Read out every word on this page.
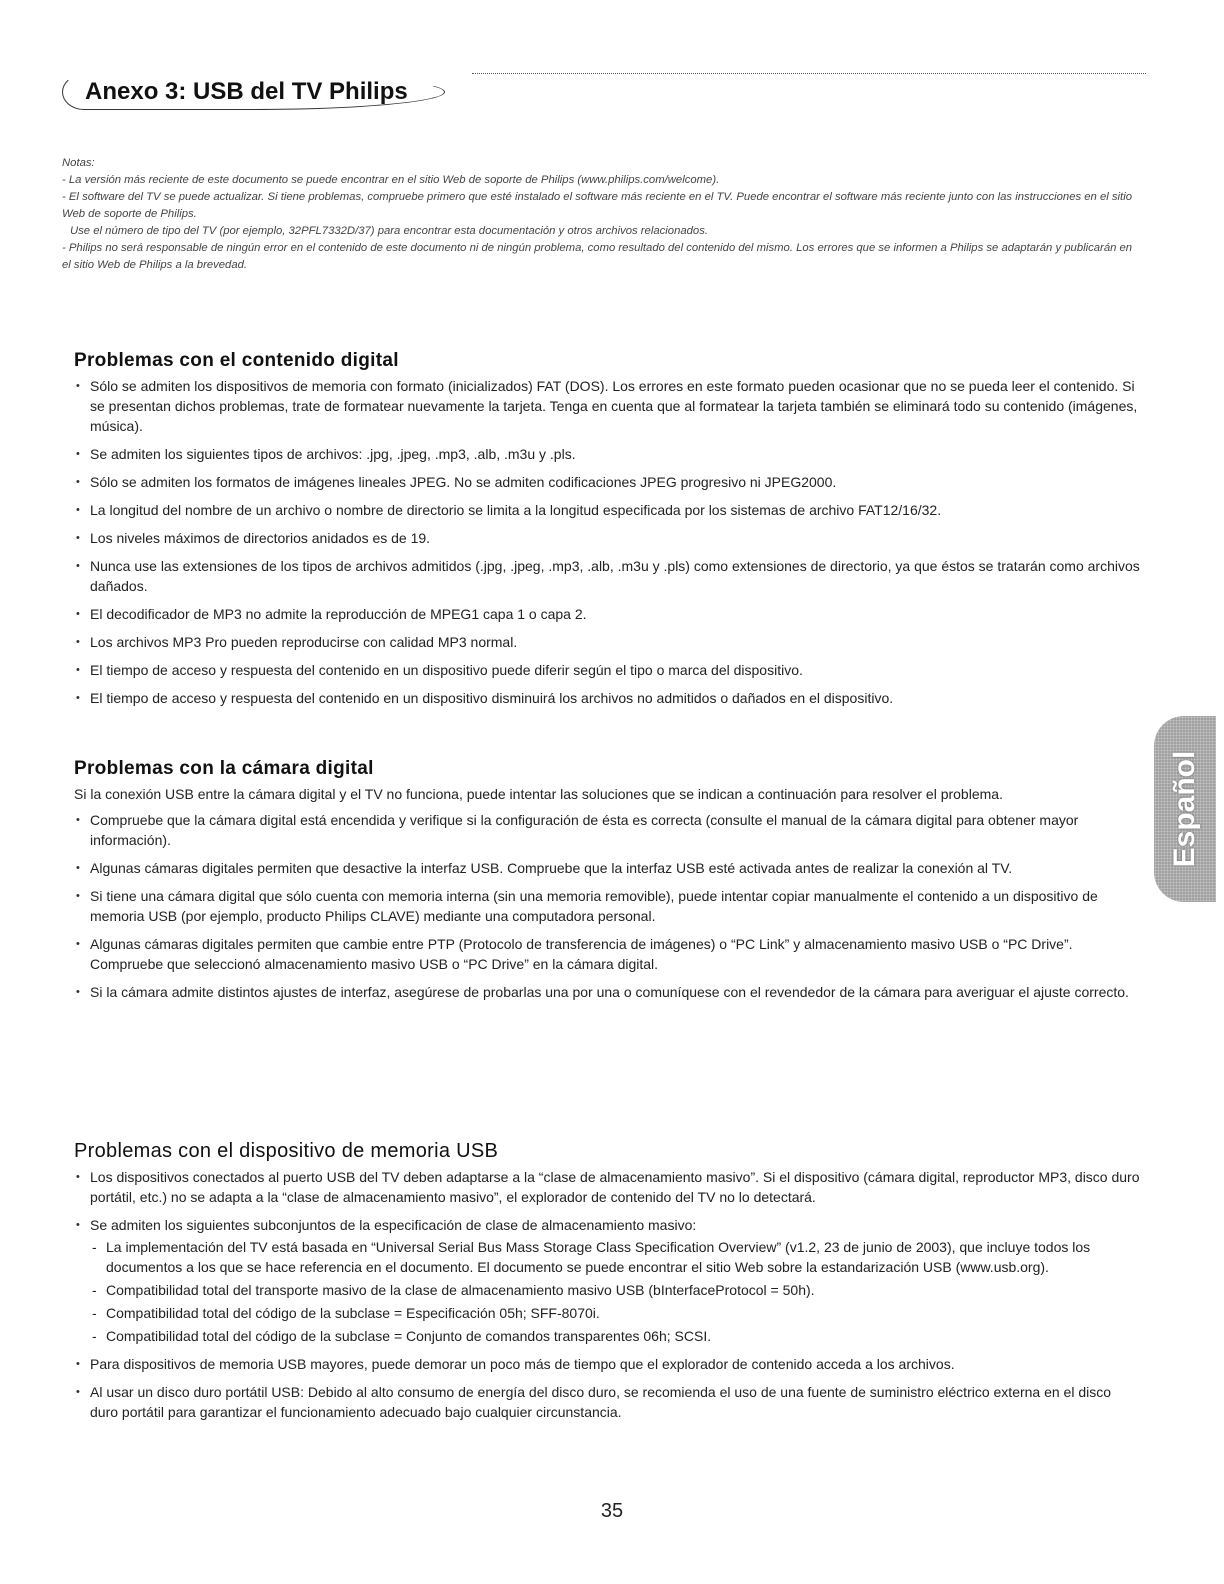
Anexo 3: USB del TV Philips

Notas:

- La versión más reciente de este documento se puede encontrar en el sitio Web de soporte de Philips (www.philips.com/welcome).

- El software del TV se puede actualizar. Si tiene problemas, compruebe primero que esté instalado el software más reciente en el TV. Puede encontrar el software más reciente junto con las instrucciones en el sitio Web de soporte de Philips.

Use el número de tipo del TV (por ejemplo, 32PFL7332D/37) para encontrar esta documentación y otros archivos relacionados.

- Philips no será responsable de ningún error en el contenido de este documento ni de ningún problema, como resultado del contenido del mismo. Los errores que se informen a Philips se adaptarán y publicarán en el sitio Web de Philips a la brevedad.

Problemas con el contenido digital
• Sólo se admiten los dispositivos de memoria con formato (inicializados) FAT (DOS). Los errores en este formato pueden ocasionar que no se pueda leer el contenido. Si se presentan dichos problemas, trate de formatear nuevamente la tarjeta. Tenga en cuenta que al formatear la tarjeta también se eliminará todo su contenido (imágenes, música).
• Se admiten los siguientes tipos de archivos: .jpg, .jpeg, .mp3, .alb, .m3u y .pls.
• Sólo se admiten los formatos de imágenes lineales JPEG. No se admiten codificaciones JPEG progresivo ni JPEG2000.
• La longitud del nombre de un archivo o nombre de directorio se limita a la longitud especificada por los sistemas de archivo FAT12/16/32.
• Los niveles máximos de directorios anidados es de 19.
• Nunca use las extensiones de los tipos de archivos admitidos (.jpg, .jpeg, .mp3, .alb, .m3u y .pls) como extensiones de directorio, ya que éstos se tratarán como archivos dañados.
• El decodificador de MP3 no admite la reproducción de MPEG1 capa 1 o capa 2.
• Los archivos MP3 Pro pueden reproducirse con calidad MP3 normal.
• El tiempo de acceso y respuesta del contenido en un dispositivo puede diferir según el tipo o marca del dispositivo.
• El tiempo de acceso y respuesta del contenido en un dispositivo disminuirá los archivos no admitidos o dañados en el dispositivo.
Problemas con la cámara digital

Si la conexión USB entre la cámara digital y el TV no funciona, puede intentar las soluciones que se indican a continuación para resolver el problema.

• Compruebe que la cámara digital está encendida y verifique si la configuración de ésta es correcta (consulte el manual de la cámara digital para obtener mayor información).
• Algunas cámaras digitales permiten que desactive la interfaz USB. Compruebe que la interfaz USB esté activada antes de realizar la conexión al TV.
• Si tiene una cámara digital que sólo cuenta con memoria interna (sin una memoria removible), puede intentar copiar manualmente el contenido a un dispositivo de memoria USB (por ejemplo, producto Philips CLAVE) mediante una computadora personal.
• Algunas cámaras digitales permiten que cambie entre PTP (Protocolo de transferencia de imágenes) o “PC Link” y almacenamiento masivo USB o “PC Drive”. Compruebe que seleccionó almacenamiento masivo USB o “PC Drive” en la cámara digital.
• Si la cámara admite distintos ajustes de interfaz, asegúrese de probarlas una por una o comuníquese con el revendedor de la cámara para averiguar el ajuste correcto.
Problemas con el dispositivo de memoria USB
• Los dispositivos conectados al puerto USB del TV deben adaptarse a la “clase de almacenamiento masivo”. Si el dispositivo (cámara digital, reproductor MP3, disco duro portátil, etc.) no se adapta a la “clase de almacenamiento masivo”, el explorador de contenido del TV no lo detectará.
• Se admiten los siguientes subconjuntos de la especificación de clase de almacenamiento masivo:
- La implementación del TV está basada en “Universal Serial Bus Mass Storage Class Specification Overview” (v1.2, 23 de junio de 2003), que incluye todos los documentos a los que se hace referencia en el documento. El documento se puede encontrar el sitio Web sobre la estandarización USB (www.usb.org).
- Compatibilidad total del transporte masivo de la clase de almacenamiento masivo USB (bInterfaceProtocol = 50h).
- Compatibilidad total del código de la subclase = Especificación 05h; SFF-8070i.
- Compatibilidad total del código de la subclase = Conjunto de comandos transparentes 06h; SCSI.
• Para dispositivos de memoria USB mayores, puede demorar un poco más de tiempo que el explorador de contenido acceda a los archivos.
• Al usar un disco duro portátil USB: Debido al alto consumo de energía del disco duro, se recomienda el uso de una fuente de suministro eléctrico externa en el disco duro portátil para garantizar el funcionamiento adecuado bajo cualquier circunstancia.
Español
35
